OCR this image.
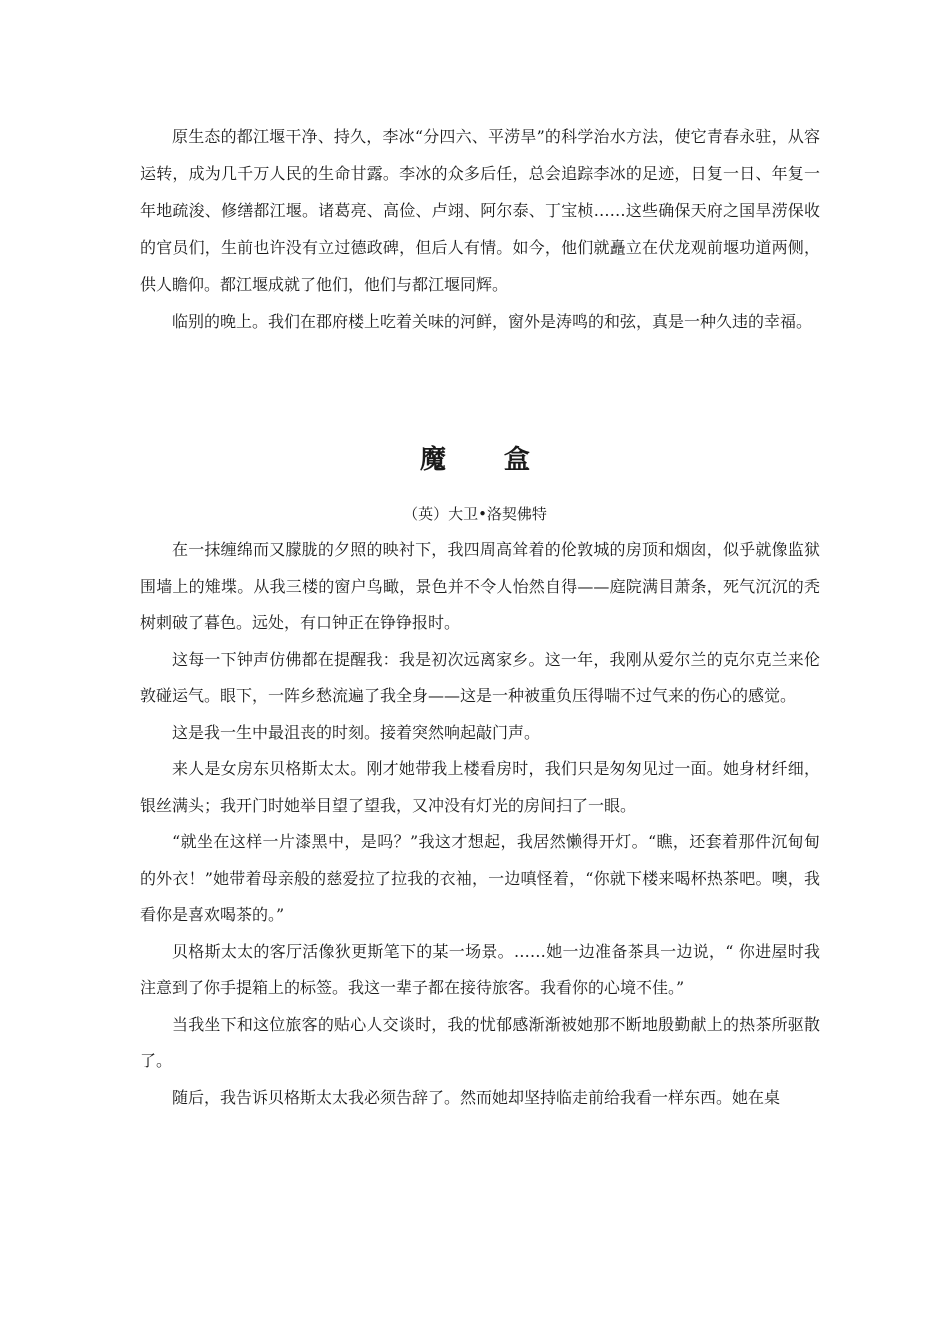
原生态的都江堰干净、持久，李冰“分四六、平涝旱”的科学治水方法，使它青春永驻，从容运转，成为几千万人民的生命甘露。李冰的众多后任，总会追踪李冰的足迹，日复一日、年复一年地疏浚、修缮都江堰。诸葛亮、高俭、卢翊、阿尔泰、丁宝桢……这些确保天府之国旱涝保收的官员们，生前也许没有立过德政碑，但后人有情。如今，他们就矗立在伏龙观前堰功道两侧，供人瞻仰。都江堰成就了他们，他们与都江堰同辉。

临别的晚上。我们在郡府楼上吃着关味的河鲜，窗外是涛鸣的和弦，真是一种久违的幸福。

魔盒
（英）大卫•洛契佛特

在一抹缠绵而又朦胧的夕照的映衬下，我四周高耸着的伦敦城的房顶和烟囱，似乎就像监狱围墙上的雉堞。从我三楼的窗户鸟瞰，景色并不令人怡然自得——庭院满目萧条，死气沉沉的秃树刺破了暮色。远处，有口钟正在铮铮报时。

这每一下钟声仿佛都在提醒我：我是初次远离家乡。这一年，我刚从爱尔兰的克尔克兰来伦敦碰运气。眼下，一阵乡愁流遍了我全身——这是一种被重负压得喘不过气来的伤心的感觉。

这是我一生中最沮丧的时刻。接着突然响起敲门声。

来人是女房东贝格斯太太。刚才她带我上楼看房时，我们只是匆匆见过一面。她身材纤细，银丝满头；我开门时她举目望了望我，又冲没有灯光的房间扫了一眼。

“就坐在这样一片漆黑中，是吗？”我这才想起，我居然懒得开灯。“瞧，还套着那件沉甸甸的外衣！”她带着母亲般的慈爱拉了拉我的衣袖，一边嗔怪着，“你就下楼来喝杯热茶吧。噢，我看你是喜欢喝茶的。”

贝格斯太太的客厅活像狄更斯笔下的某一场景。……她一边准备茶具一边说，“ 你进屋时我注意到了你手提箱上的标签。我这一辈子都在接待旅客。我看你的心境不佳。”

当我坐下和这位旅客的贴心人交谈时，我的忧郁感渐渐被她那不断地殷勤献上的热茶所驱散了。

随后，我告诉贝格斯太太我必须告辞了。然而她却坚持临走前给我看一样东西。她在桌
